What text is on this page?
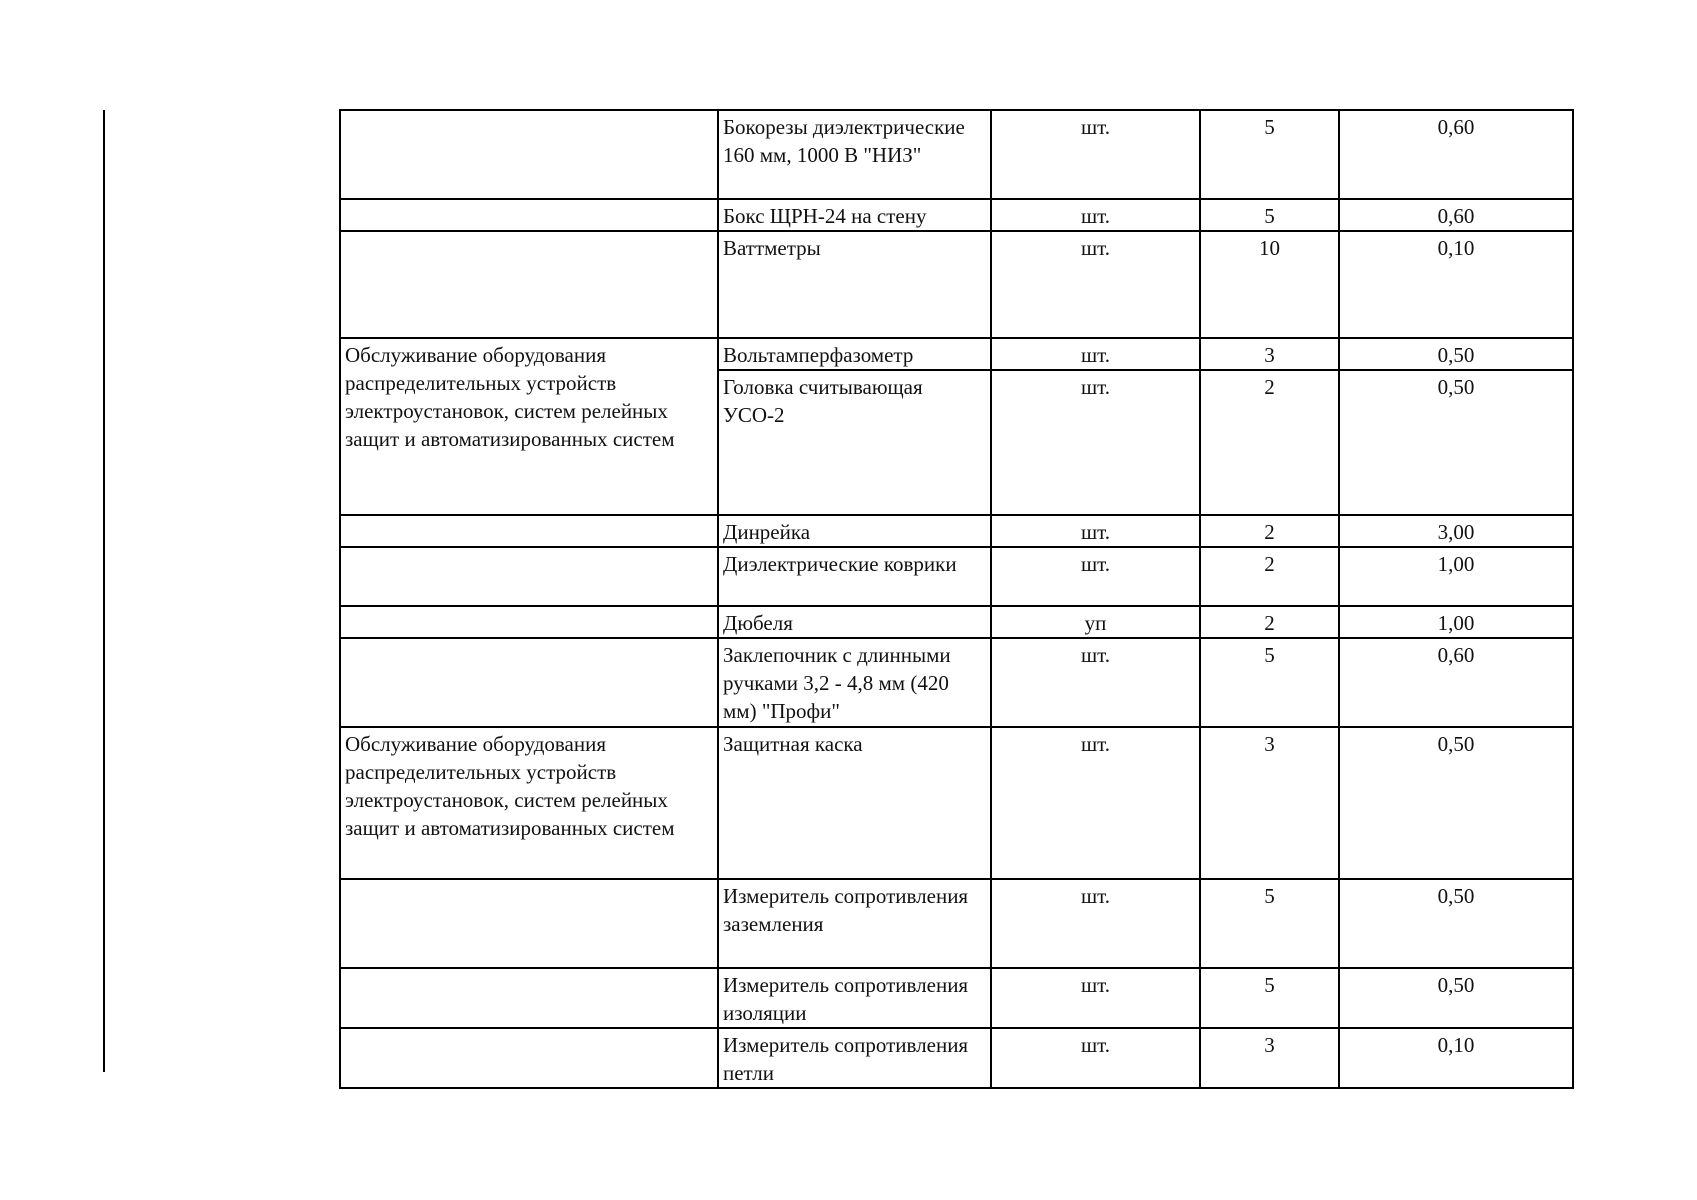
	Бокорезы диэлектрические 160 мм, 1000 В "НИЗ"	шт.	5	0,60
	Бокс ЩРН-24 на стену	шт.	5	0,60
	Ваттметры	шт.	10	0,10
Обслуживание оборудования распределительных устройств электроустановок, систем релейных защит и автоматизированных систем	Вольтамперфазометр	шт.	3	0,50
	Головка считывающая УСО-2	шт.	2	0,50
	Динрейка	шт.	2	3,00
	Диэлектрические коврики	шт.	2	1,00
	Дюбеля	уп	2	1,00
	Заклепочник с длинными ручками 3,2 - 4,8 мм (420 мм) "Профи"	шт.	5	0,60
Обслуживание оборудования распределительных устройств электроустановок, систем релейных защит и автоматизированных систем	Защитная каска	шт.	3	0,50
	Измеритель сопротивления заземления	шт.	5	0,50
	Измеритель сопротивления изоляции	шт.	5	0,50
	Измеритель сопротивления петли	шт.	3	0,10
